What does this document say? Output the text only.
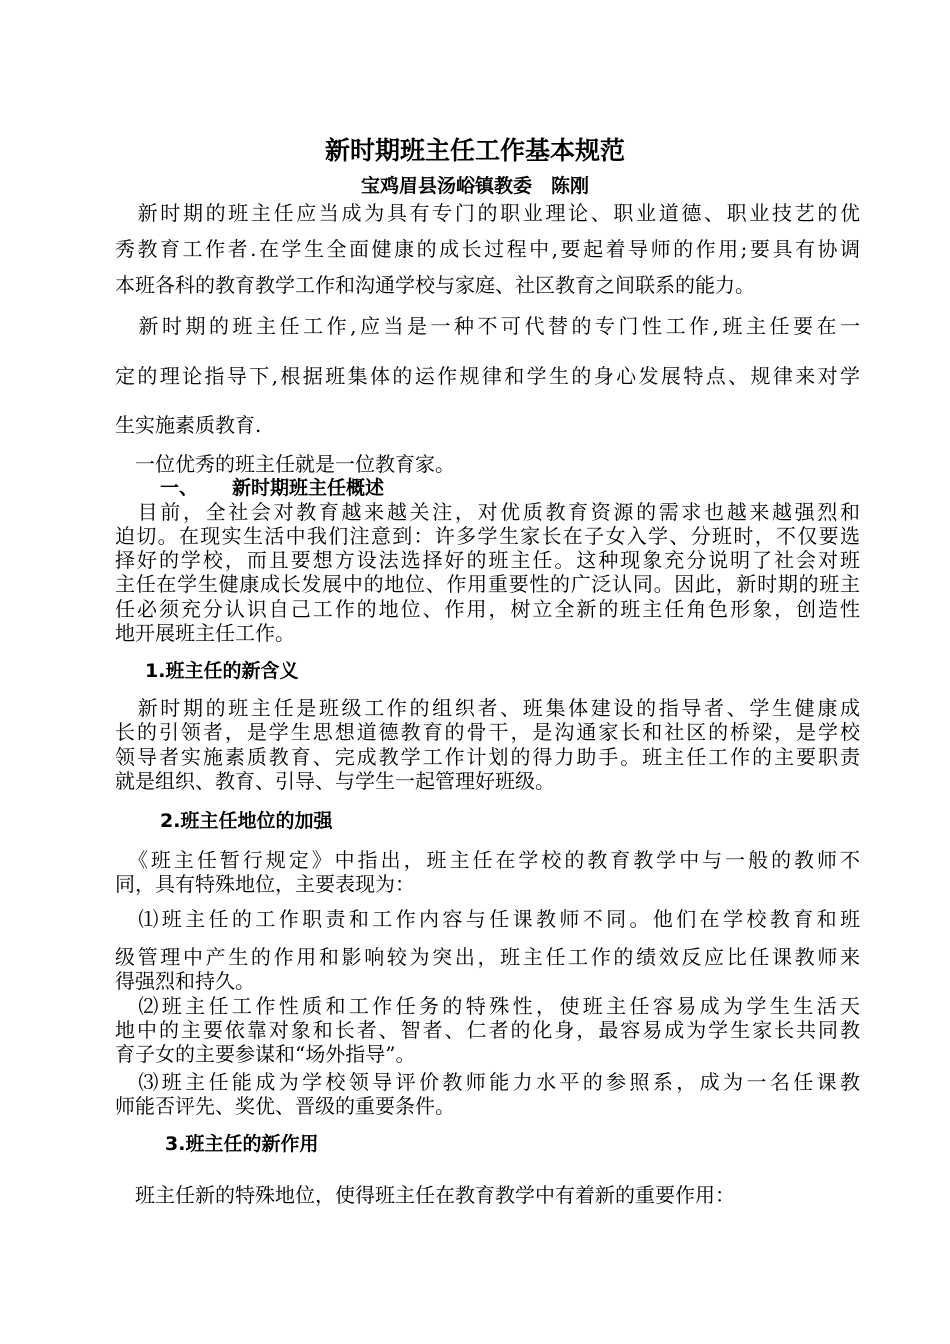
新时期班主任工作基本规范

宝鸡眉县汤峪镇教委　陈刚

　新时期的班主任应当成为具有专门的职业理论、职业道德、职业技艺的优

秀教育工作者.在学生全面健康的成长过程中,要起着导师的作用;要具有协调

本班各科的教育教学工作和沟通学校与家庭、社区教育之间联系的能力。

　新时期的班主任工作,应当是一种不可代替的专门性工作,班主任要在一

定的理论指导下,根据班集体的运作规律和学生的身心发展特点、规律来对学

生实施素质教育.

　一位优秀的班主任就是一位教育家。

一、 新时期班主任概述

　目前，全社会对教育越来越关注，对优质教育资源的需求也越来越强烈和

迫切。在现实生活中我们注意到：许多学生家长在子女入学、分班时，不仅要选

择好的学校，而且要想方设法选择好的班主任。这种现象充分说明了社会对班

主任在学生健康成长发展中的地位、作用重要性的广泛认同。因此，新时期的班主

任必须充分认识自己工作的地位、作用，树立全新的班主任角色形象，创造性

地开展班主任工作。

1.班主任的新含义

　新时期的班主任是班级工作的组织者、班集体建设的指导者、学生健康成

长的引领者，是学生思想道德教育的骨干，是沟通家长和社区的桥梁，是学校

领导者实施素质教育、完成教学工作计划的得力助手。班主任工作的主要职责

就是组织、教育、引导、与学生一起管理好班级。

2.班主任地位的加强

　《班主任暂行规定》中指出，班主任在学校的教育教学中与一般的教师不

同，具有特殊地位，主要表现为：

　⑴班主任的工作职责和工作内容与任课教师不同。他们在学校教育和班

级管理中产生的作用和影响较为突出，班主任工作的绩效反应比任课教师来

得强烈和持久。

　⑵班主任工作性质和工作任务的特殊性，使班主任容易成为学生生活天

地中的主要依靠对象和长者、智者、仁者的化身，最容易成为学生家长共同教

育子女的主要参谋和“场外指导”。

　⑶班主任能成为学校领导评价教师能力水平的参照系，成为一名任课教

师能否评先、奖优、晋级的重要条件。

3.班主任的新作用

　班主任新的特殊地位，使得班主任在教育教学中有着新的重要作用：
